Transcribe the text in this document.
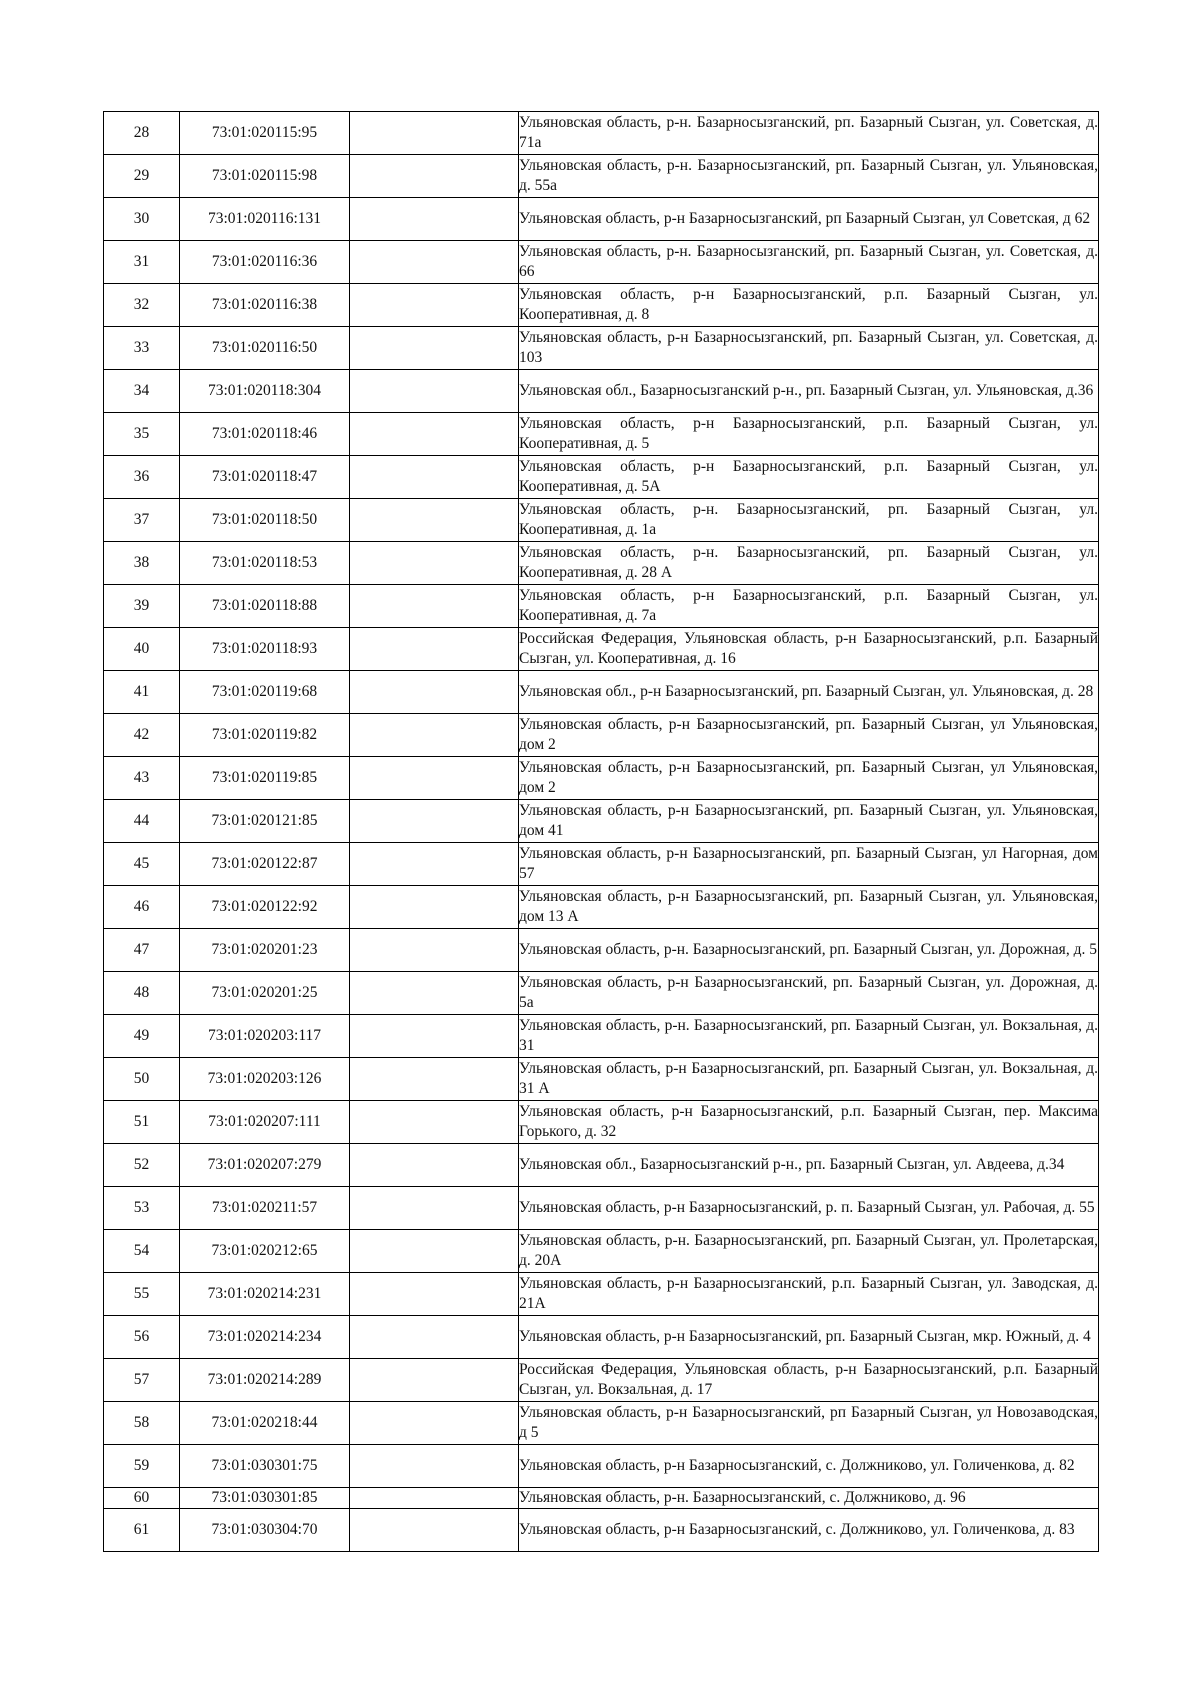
28	73:01:020115:95		Ульяновская область, р-н. Базарносызганский, рп. Базарный Сызган, ул. Советская, д. 71а
29	73:01:020115:98		Ульяновская область, р-н. Базарносызганский, рп. Базарный Сызган, ул. Ульяновская, д. 55а
30	73:01:020116:131		Ульяновская область, р-н Базарносызганский, рп Базарный Сызган, ул Советская, д 62
31	73:01:020116:36		Ульяновская область, р-н. Базарносызганский, рп. Базарный Сызган, ул. Советская, д. 66
32	73:01:020116:38		Ульяновская область, р-н Базарносызганский, р.п. Базарный Сызган, ул. Кооперативная, д. 8
33	73:01:020116:50		Ульяновская область, р-н Базарносызганский, рп. Базарный Сызган, ул. Советская, д. 103
34	73:01:020118:304		Ульяновская обл., Базарносызганский р-н., рп. Базарный Сызган, ул. Ульяновская, д.36
35	73:01:020118:46		Ульяновская область, р-н Базарносызганский, р.п. Базарный Сызган, ул. Кооперативная, д. 5
36	73:01:020118:47		Ульяновская область, р-н Базарносызганский, р.п. Базарный Сызган, ул. Кооперативная, д. 5А
37	73:01:020118:50		Ульяновская область, р-н. Базарносызганский, рп. Базарный Сызган, ул. Кооперативная, д. 1а
38	73:01:020118:53		Ульяновская область, р-н. Базарносызганский, рп. Базарный Сызган, ул. Кооперативная, д. 28 А
39	73:01:020118:88		Ульяновская область, р-н Базарносызганский, р.п. Базарный Сызган, ул. Кооперативная, д. 7а
40	73:01:020118:93		Российская Федерация, Ульяновская область, р-н Базарносызганский, р.п. Базарный Сызган, ул. Кооперативная, д. 16
41	73:01:020119:68		Ульяновская обл., р-н Базарносызганский, рп. Базарный Сызган, ул. Ульяновская, д. 28
42	73:01:020119:82		Ульяновская область, р-н Базарносызганский, рп. Базарный Сызган, ул Ульяновская, дом 2
43	73:01:020119:85		Ульяновская область, р-н Базарносызганский, рп. Базарный Сызган, ул Ульяновская, дом 2
44	73:01:020121:85		Ульяновская область, р-н Базарносызганский, рп. Базарный Сызган, ул. Ульяновская, дом 41
45	73:01:020122:87		Ульяновская область, р-н Базарносызганский, рп. Базарный Сызган, ул Нагорная, дом 57
46	73:01:020122:92		Ульяновская область, р-н Базарносызганский, рп. Базарный Сызган, ул. Ульяновская, дом 13 А
47	73:01:020201:23		Ульяновская область, р-н. Базарносызганский, рп. Базарный Сызган, ул. Дорожная, д. 5
48	73:01:020201:25		Ульяновская область, р-н Базарносызганский, рп. Базарный Сызган, ул. Дорожная, д. 5а
49	73:01:020203:117		Ульяновская область, р-н. Базарносызганский, рп. Базарный Сызган, ул. Вокзальная, д. 31
50	73:01:020203:126		Ульяновская область, р-н Базарносызганский, рп. Базарный Сызган, ул. Вокзальная, д. 31 А
51	73:01:020207:111		Ульяновская область, р-н Базарносызганский, р.п. Базарный Сызган, пер. Максима Горького, д. 32
52	73:01:020207:279		Ульяновская обл., Базарносызганский р-н., рп. Базарный Сызган, ул. Авдеева, д.34
53	73:01:020211:57		Ульяновская область, р-н Базарносызганский, р. п. Базарный Сызган, ул. Рабочая, д. 55
54	73:01:020212:65		Ульяновская область, р-н. Базарносызганский, рп. Базарный Сызган, ул. Пролетарская, д. 20А
55	73:01:020214:231		Ульяновская область, р-н Базарносызганский, р.п. Базарный Сызган, ул. Заводская, д. 21А
56	73:01:020214:234		Ульяновская область, р-н Базарносызганский, рп. Базарный Сызган, мкр. Южный, д. 4
57	73:01:020214:289		Российская Федерация, Ульяновская область, р-н Базарносызганский, р.п. Базарный Сызган, ул. Вокзальная, д. 17
58	73:01:020218:44		Ульяновская область, р-н Базарносызганский, рп Базарный Сызган, ул Новозаводская, д 5
59	73:01:030301:75		Ульяновская область, р-н Базарносызганский, с. Должниково, ул. Голиченкова, д. 82
60	73:01:030301:85		Ульяновская область, р-н. Базарносызганский, с. Должниково, д. 96
61	73:01:030304:70		Ульяновская область, р-н Базарносызганский, с. Должниково, ул. Голиченкова, д. 83
